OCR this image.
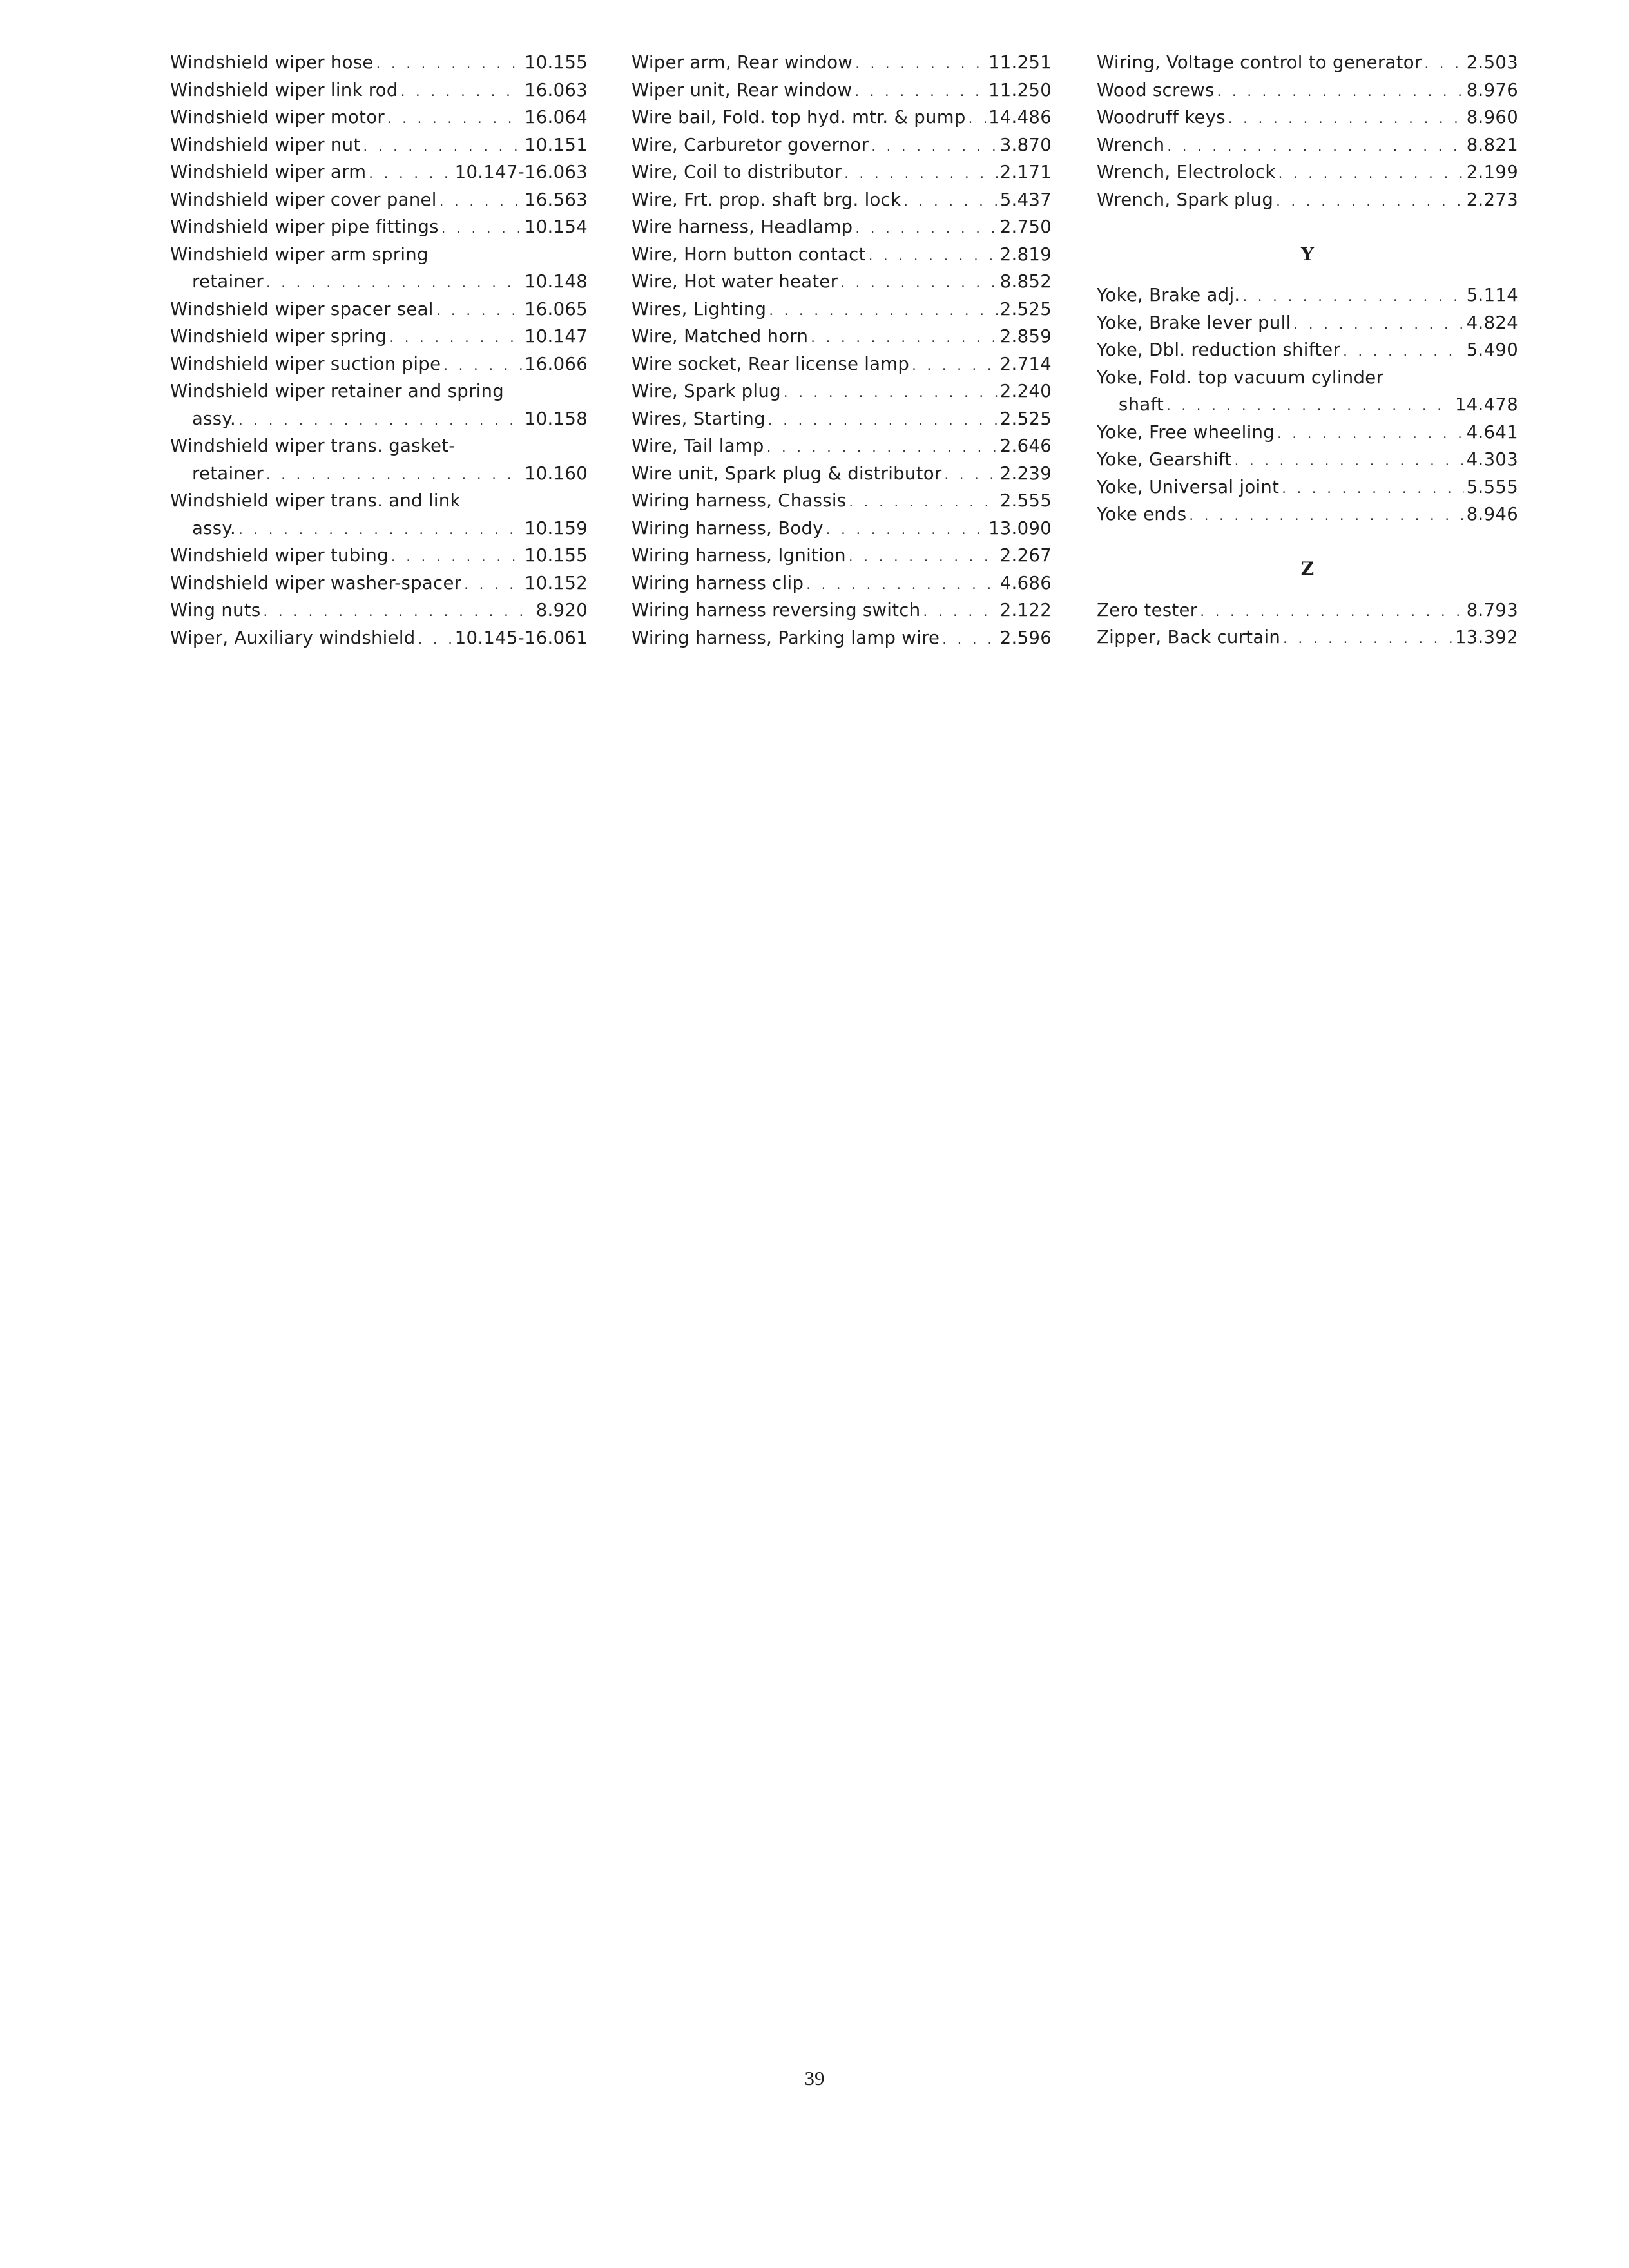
Windshield wiper hose . . .	10.155
Windshield wiper link rod . . .	16.063
Windshield wiper motor . . .	16.064
Windshield wiper nut . . .	10.151
Windshield wiper arm . . .	10.147-16.063
Windshield wiper cover panel . . .	16.563
Windshield wiper pipe fittings . . .	10.154
Windshield wiper arm spring
retainer . . .	10.148
Windshield wiper spacer seal . . .	16.065
Windshield wiper spring . . .	10.147
Windshield wiper suction pipe . . .	16.066
Windshield wiper retainer and spring
assy. . . .	10.158
Windshield wiper trans. gasket-
retainer . . .	10.160
Windshield wiper trans. and link
assy. . . .	10.159
Windshield wiper tubing . . .	10.155
Windshield wiper washer-spacer . . .	10.152
Wing nuts . . .	8.920
Wiper, Auxiliary windshield . . . 10.145-16.061
Wiper arm, Rear window . . .	11.251
Wiper unit, Rear window . . .	11.250
Wire bail, Fold. top hyd. mtr. & pump . . . 14.486
Wire, Carburetor governor . . .	3.870
Wire, Coil to distributor . . .	2.171
Wire, Frt. prop. shaft brg. lock . . .	5.437
Wire harness, Headlamp . . .	2.750
Wire, Horn button contact . . .	2.819
Wire, Hot water heater . . .	8.852
Wires, Lighting . . .	2.525
Wire, Matched horn . . .	2.859
Wire socket, Rear license lamp . . .	2.714
Wire, Spark plug . . .	2.240
Wires, Starting . . .	2.525
Wire, Tail lamp . . .	2.646
Wire unit, Spark plug & distributor . . .	2.239
Wiring harness, Chassis . . .	2.555
Wiring harness, Body . . .	13.090
Wiring harness, Ignition . . .	2.267
Wiring harness clip . . .	4.686
Wiring harness reversing switch . . .	2.122
Wiring harness, Parking lamp wire . . .	2.596
Wiring, Voltage control to generator . . .	2.503
Wood screws . . .	8.976
Woodruff keys . . .	8.960
Wrench . . .	8.821
Wrench, Electrolock . . .	2.199
Wrench, Spark plug . . .	2.273
Y
Yoke, Brake adj. . . .	5.114
Yoke, Brake lever pull . . .	4.824
Yoke, Dbl. reduction shifter . . .	5.490
Yoke, Fold. top vacuum cylinder
shaft . . .	14.478
Yoke, Free wheeling . . .	4.641
Yoke, Gearshift . . .	4.303
Yoke, Universal joint . . .	5.555
Yoke ends . . .	8.946
Z
Zero tester . . .	8.793
Zipper, Back curtain . . .	13.392
39
